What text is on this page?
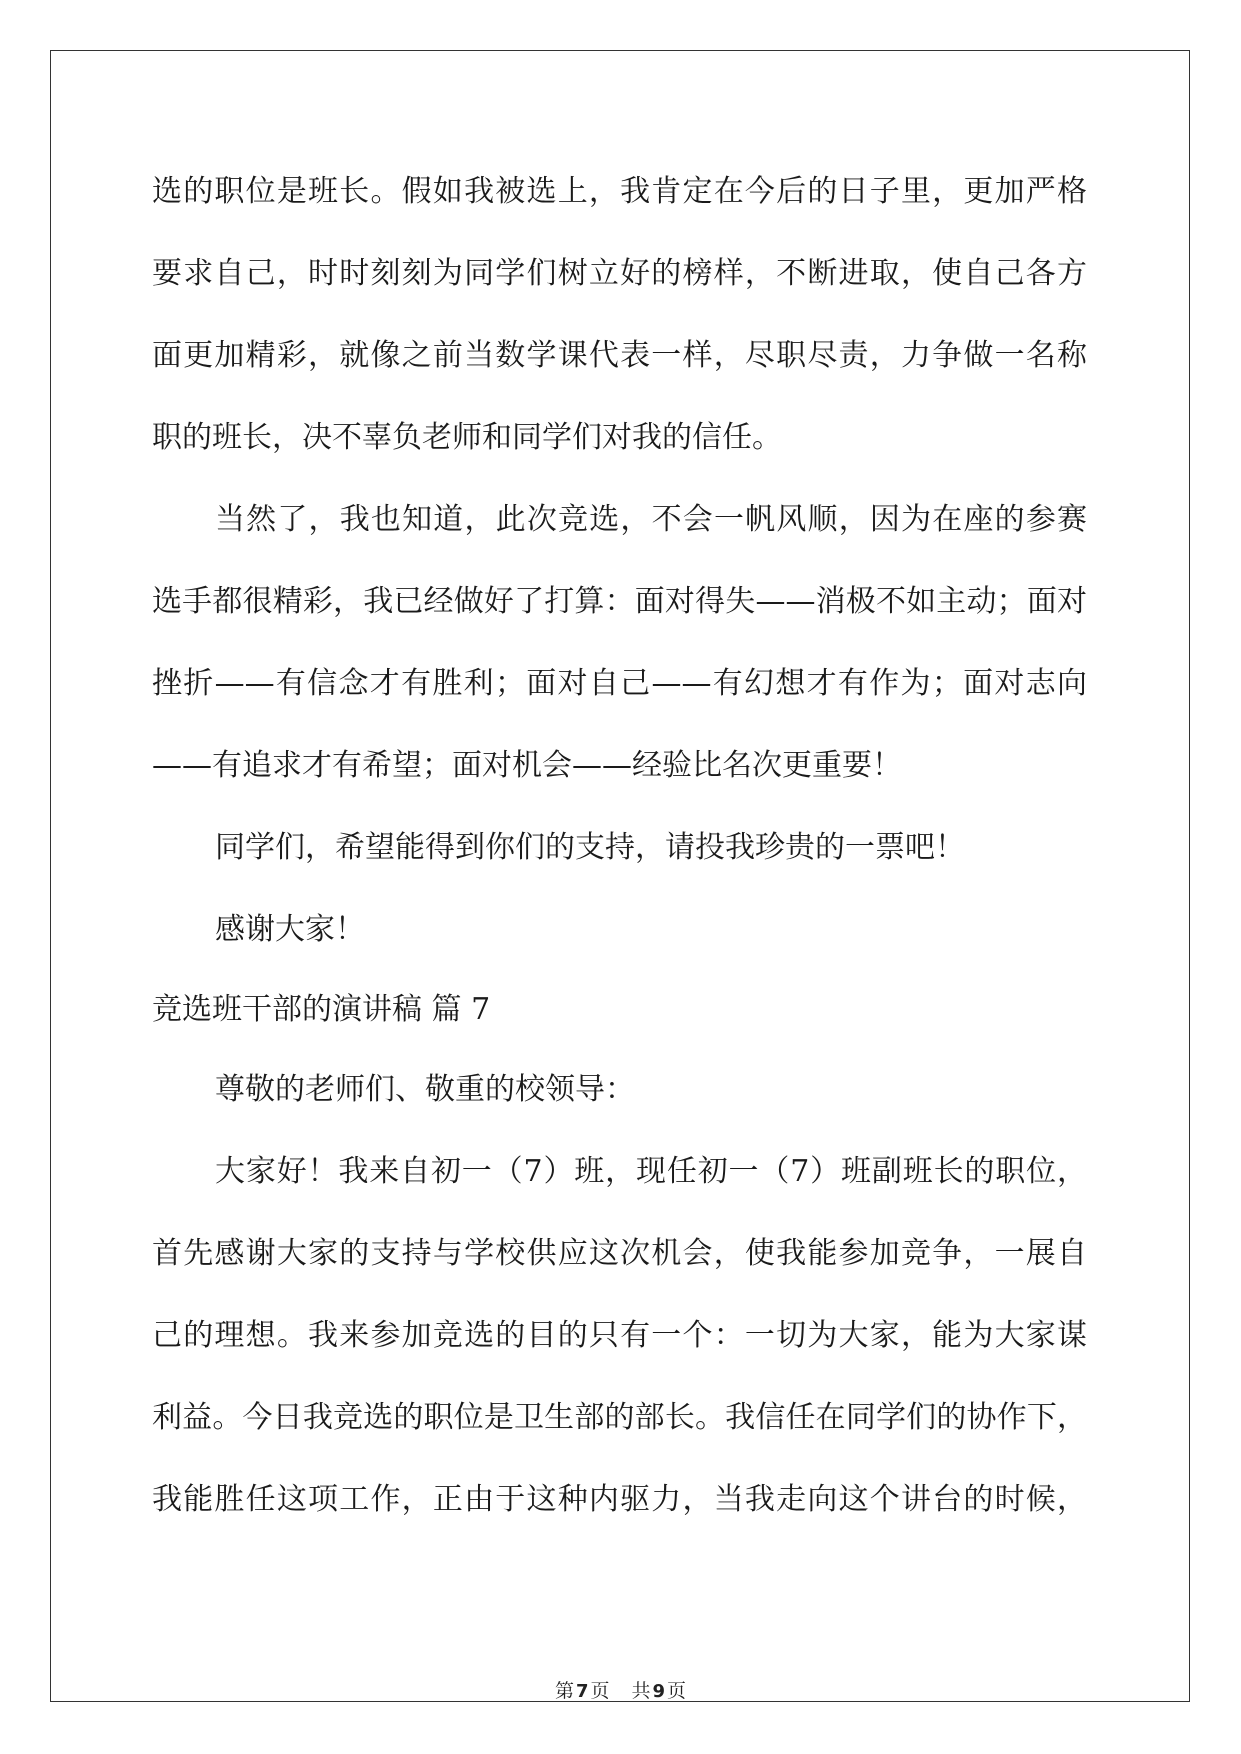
选的职位是班长。假如我被选上，我肯定在今后的日子里，更加严格
要求自己，时时刻刻为同学们树立好的榜样，不断进取，使自己各方
面更加精彩，就像之前当数学课代表一样，尽职尽责，力争做一名称
职的班长，决不辜负老师和同学们对我的信任。
当然了，我也知道，此次竞选，不会一帆风顺，因为在座的参赛
选手都很精彩，我已经做好了打算：面对得失——消极不如主动；面对
挫折——有信念才有胜利；面对自己——有幻想才有作为；面对志向
——有追求才有希望；面对机会——经验比名次更重要！
同学们，希望能得到你们的支持，请投我珍贵的一票吧！
感谢大家！
竞选班干部的演讲稿 篇 7
尊敬的老师们、敬重的校领导：
大家好！我来自初一（7）班，现任初一（7）班副班长的职位，
首先感谢大家的支持与学校供应这次机会，使我能参加竞争，一展自
己的理想。我来参加竞选的目的只有一个：一切为大家，能为大家谋
利益。今日我竞选的职位是卫生部的部长。我信任在同学们的协作下，
我能胜任这项工作，正由于这种内驱力，当我走向这个讲台的时候，
第 7 页 共 9 页
